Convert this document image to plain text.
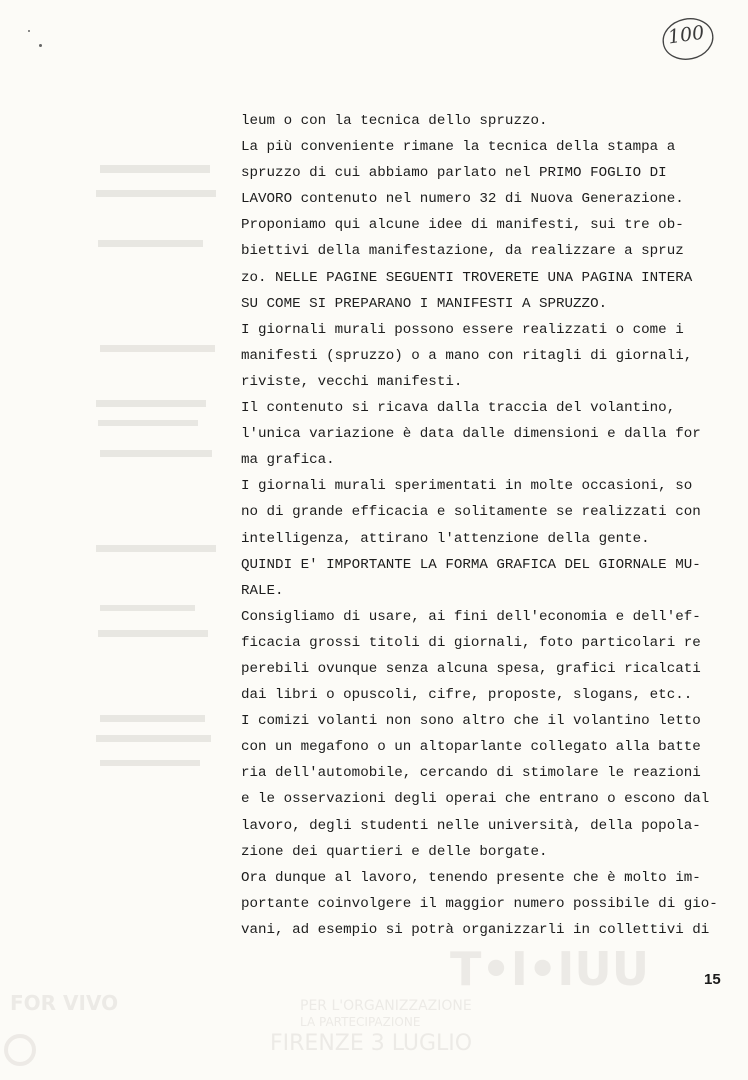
T•I•IUU
PER L'ORGANIZZAZIONE
LA PARTECIPAZIONE
FIRENZE 3 LUGLIO
FOR VIVO
100
leum o con la tecnica dello spruzzo.
La più convenientе rimane la tecnica della stampa a
spruzzo di cui abbiamo parlato nel PRIMO FOGLIO DI
LAVORO contenuto nel numero 32 di Nuova Generazione.
Proponiamo qui alcune idee di manifesti, sui tre ob-
biettivi della manifestazione, da realizzare a spruz
zo. NELLE PAGINE SEGUENTI TROVERETE UNA PAGINA INTERA
SU COME SI PREPARANO I MANIFESTI A SPRUZZO.
I giornali murali possono essere realizzati o come i
manifesti (spruzzo) o a mano con ritagli di giornali,
riviste, vecchi manifesti.
Il contenuto si ricava dalla traccia del volantino,
l'unica variazione è data dalle dimensioni e dalla for
ma grafica.
I giornali murali sperimentati in molte occasioni, so
no di grande efficacia e solitamente se realizzati con
intelligenza, attirano l'attenzione della gente.
QUINDI E' IMPORTANTE LA FORMA GRAFICA DEL GIORNALE MU-
RALE.
Consigliamo di usare, ai fini dell'economia e dell'ef-
ficacia grossi titoli di giornali, foto particolari re
perebili ovunque senza alcuna spesa, grafici ricalcati
dai libri o opuscoli, cifre, proposte, slogans, etc..
I comizi volanti non sono altro che il volantino letto
con un megafono o un altoparlante collegato alla batte
ria dell'automobile, cercando di stimolare le reazioni
e le osservazioni degli operai che entrano o escono dal
lavoro, degli studenti nelle università, della popola-
zione dei quartieri e delle borgate.
Ora dunque al lavoro, tenendo presente che è molto im-
portante coinvolgere il maggior numero possibile di gio-
vani, ad esempio si potrà organizzarli in collettivi di
15
